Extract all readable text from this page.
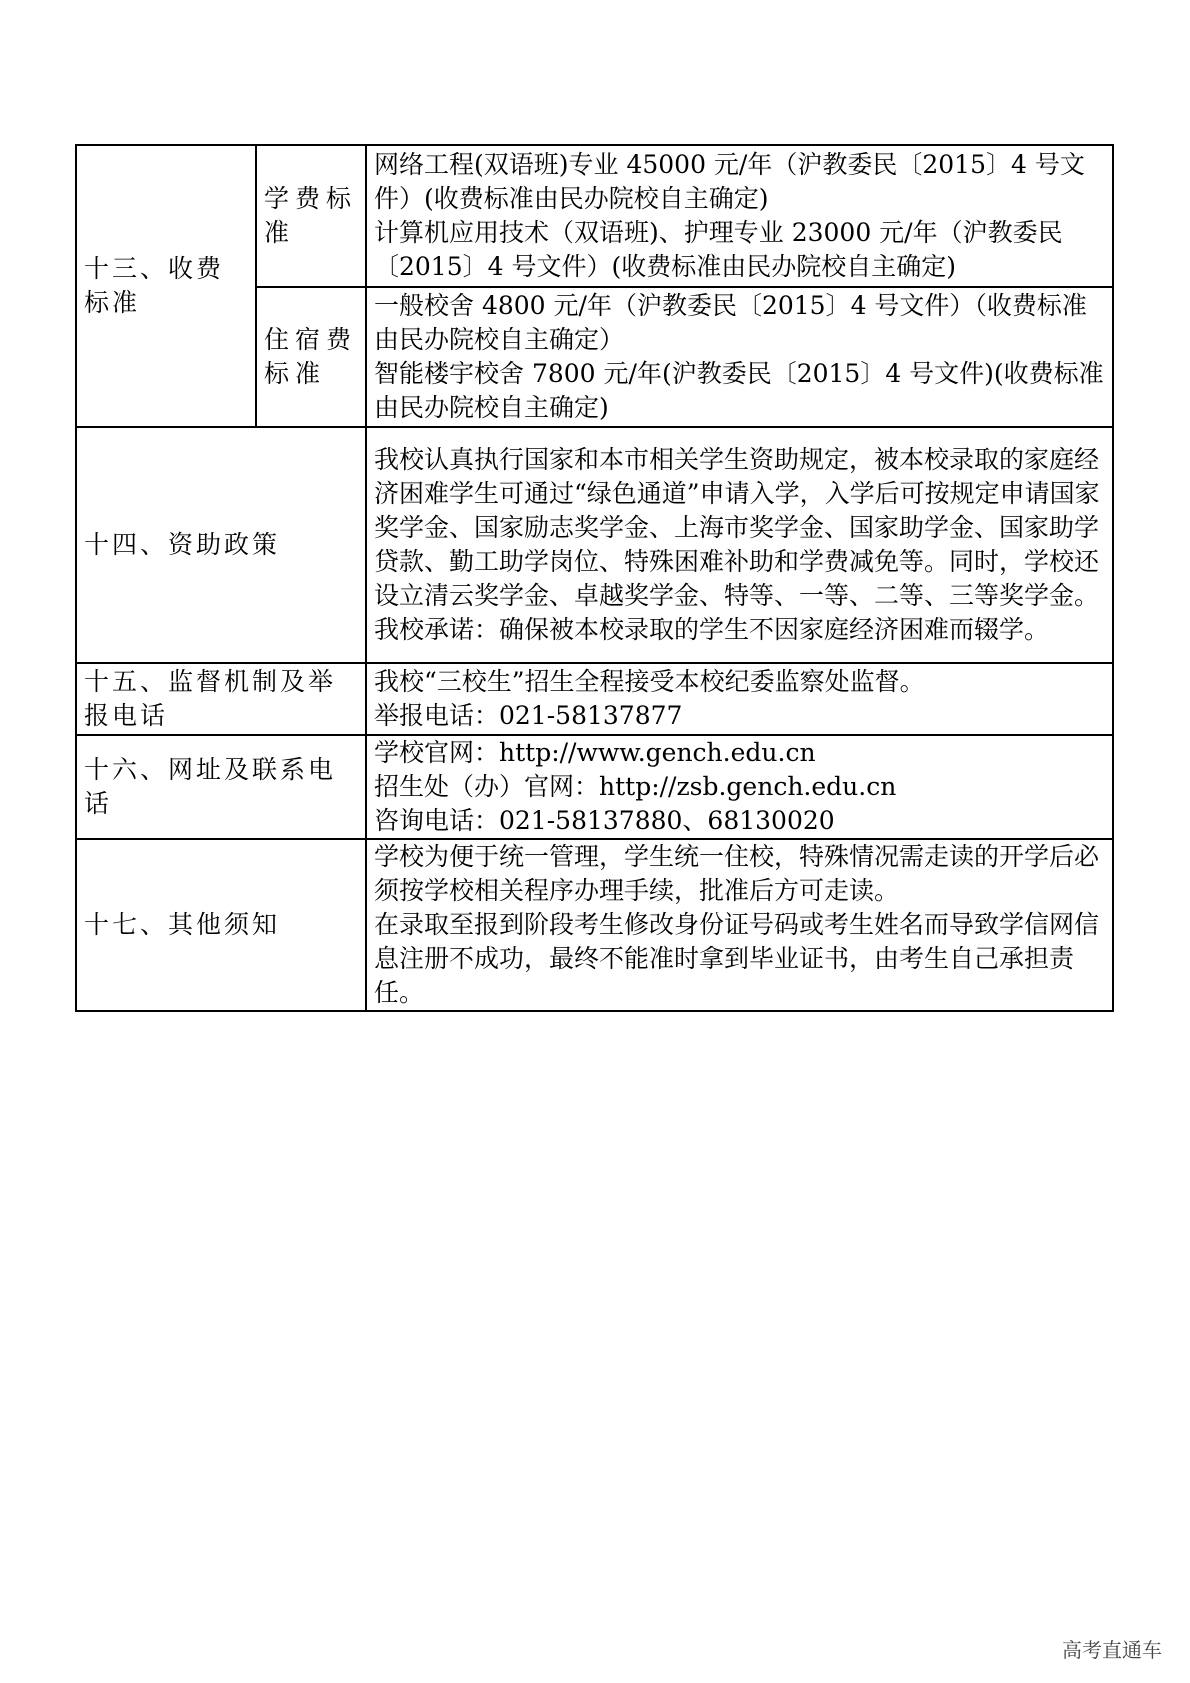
十三、收费标准	学费标准	网络工程(双语班)专业 45000 元/年（沪教委民〔2015〕4 号文件）(收费标准由民办院校自主确定)
计算机应用技术（双语班)、护理专业 23000 元/年（沪教委民〔2015〕4 号文件）(收费标准由民办院校自主确定)

	住宿费标准	一般校舍 4800 元/年（沪教委民〔2015〕4 号文件）（收费标准由民办院校自主确定）
智能楼宇校舍 7800 元/年(沪教委民〔2015〕4 号文件)(收费标准由民办院校自主确定)

十四、资助政策		我校认真执行国家和本市相关学生资助规定，被本校录取的家庭经济困难学生可通过“绿色通道”申请入学，入学后可按规定申请国家奖学金、国家励志奖学金、上海市奖学金、国家助学金、国家助学贷款、勤工助学岗位、特殊困难补助和学费减免等。同时，学校还设立清云奖学金、卓越奖学金、特等、一等、二等、三等奖学金。我校承诺：确保被本校录取的学生不因家庭经济困难而辍学。

十五、监督机制及举报电话		我校“三校生”招生全程接受本校纪委监察处监督。
举报电话：021-58137877

十六、网址及联系电话		学校官网：http://www.gench.edu.cn
招生处（办）官网：http://zsb.gench.edu.cn
咨询电话：021-58137880、68130020

十七、其他须知		学校为便于统一管理，学生统一住校，特殊情况需走读的开学后必须按学校相关程序办理手续，批准后方可走读。
在录取至报到阶段考生修改身份证号码或考生姓名而导致学信网信息注册不成功，最终不能准时拿到毕业证书，由考生自己承担责任。
高考直通车
